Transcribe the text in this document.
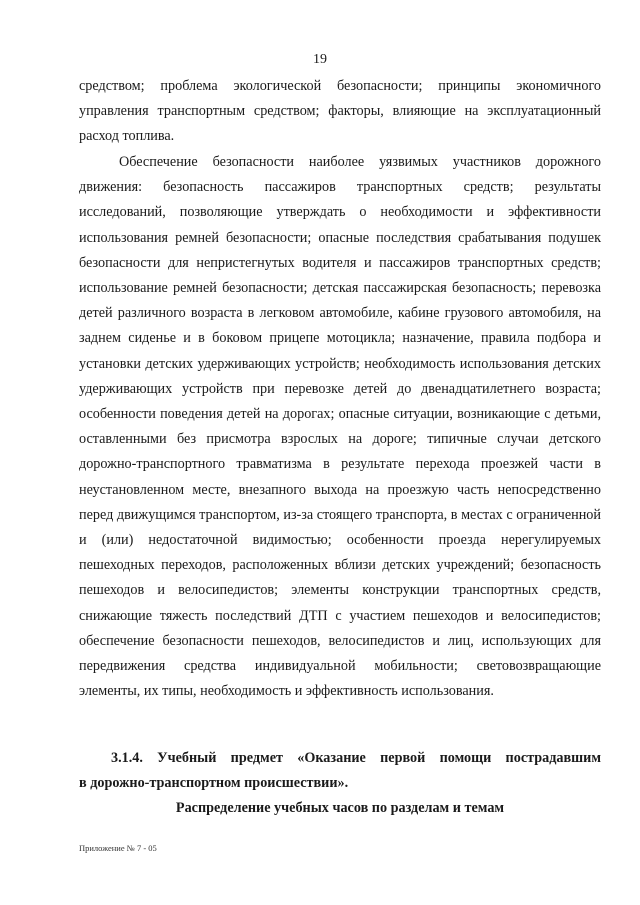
19

средством; проблема экологической безопасности; принципы экономичного управления транспортным средством; факторы, влияющие на эксплуатационный расход топлива.

Обеспечение безопасности наиболее уязвимых участников дорожного движения: безопасность пассажиров транспортных средств; результаты исследований, позволяющие утверждать о необходимости и эффективности использования ремней безопасности; опасные последствия срабатывания подушек безопасности для непристегнутых водителя и пассажиров транспортных средств; использование ремней безопасности; детская пассажирская безопасность; перевозка детей различного возраста в легковом автомобиле, кабине грузового автомобиля, на заднем сиденье и в боковом прицепе мотоцикла; назначение, правила подбора и установки детских удерживающих устройств; необходимость использования детских удерживающих устройств при перевозке детей до двенадцатилетнего возраста; особенности поведения детей на дорогах; опасные ситуации, возникающие с детьми, оставленными без присмотра взрослых на дороге; типичные случаи детского дорожно-транспортного травматизма в результате перехода проезжей части в неустановленном месте, внезапного выхода на проезжую часть непосредственно перед движущимся транспортом, из-за стоящего транспорта, в местах с ограниченной и (или) недостаточной видимостью; особенности проезда нерегулируемых пешеходных переходов, расположенных вблизи детских учреждений; безопасность пешеходов и велосипедистов; элементы конструкции транспортных средств, снижающие тяжесть последствий ДТП с участием пешеходов и велосипедистов; обеспечение безопасности пешеходов, велосипедистов и лиц, использующих для передвижения средства индивидуальной мобильности; световозвращающие элементы, их типы, необходимость и эффективность использования.

3.1.4. Учебный предмет «Оказание первой помощи пострадавшим
в дорожно-транспортном происшествии».
Распределение учебных часов по разделам и темам
Приложение № 7 - 05
